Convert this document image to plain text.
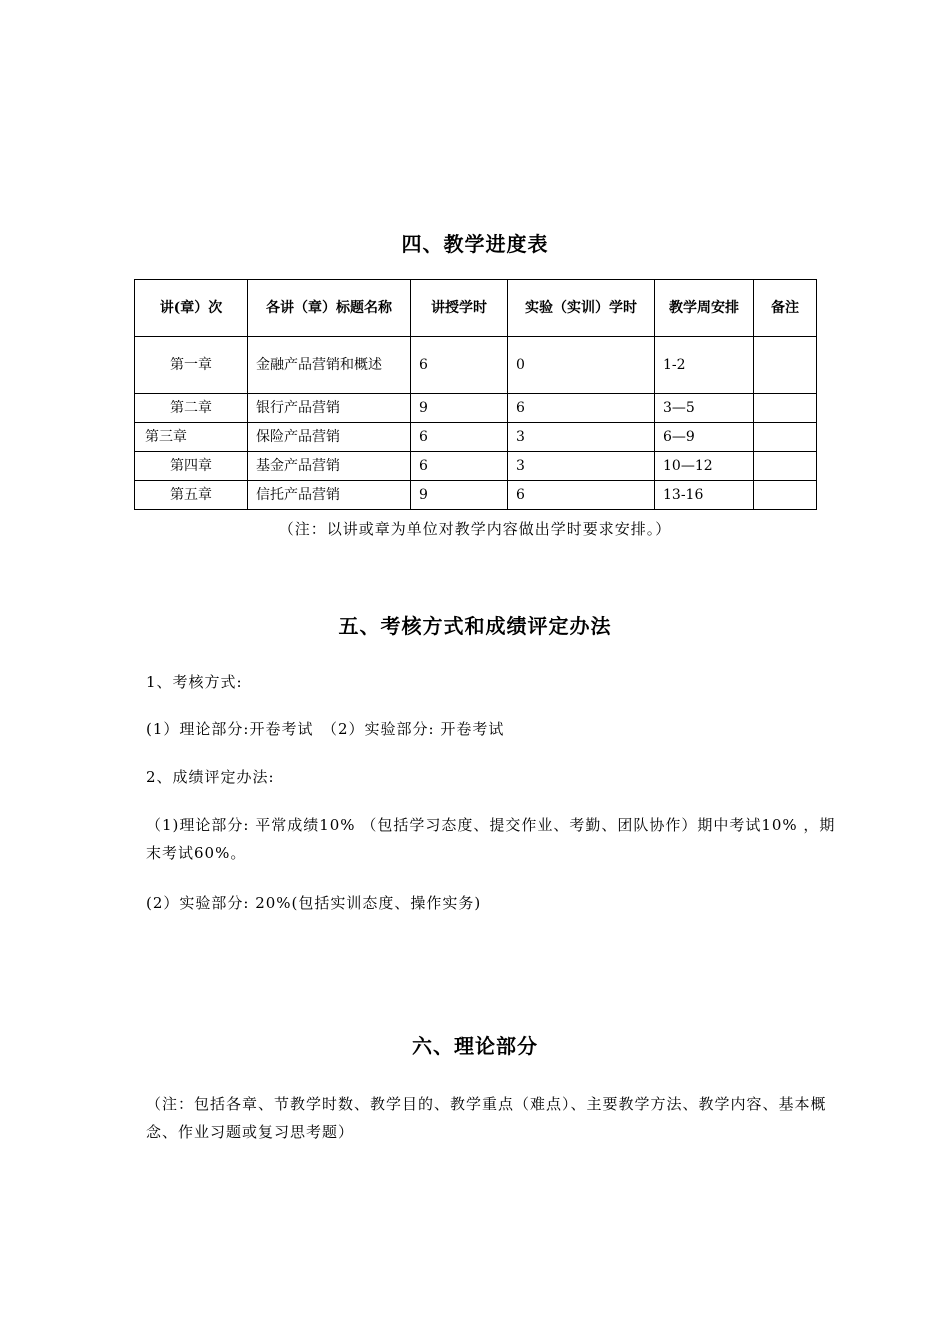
四、教学进度表
讲(章）次	各讲（章）标题名称	讲授学时	实验（实训）学时	教学周安排	备注
第一章	金融产品营销和概述	6	0	1-2	
第二章	银行产品营销	9	6	3—5	
第三章	保险产品营销	6	3	6—9	
第四章	基金产品营销	6	3	10—12	
第五章	信托产品营销	9	6	13-16	
（注：以讲或章为单位对教学内容做出学时要求安排。）
五、考核方式和成绩评定办法
1、考核方式:
(1）理论部分:开卷考试　（2）实验部分: 开卷考试
2、成绩评定办法:
（1)理论部分: 平常成绩10% （包括学习态度、提交作业、考勤、团队协作）期中考试10% ，期末考试60%。
(2）实验部分: 20%(包括实训态度、操作实务)
六、理论部分
（注：包括各章、节教学时数、教学目的、教学重点（难点）、主要教学方法、教学内容、基本概念、作业习题或复习思考题）
